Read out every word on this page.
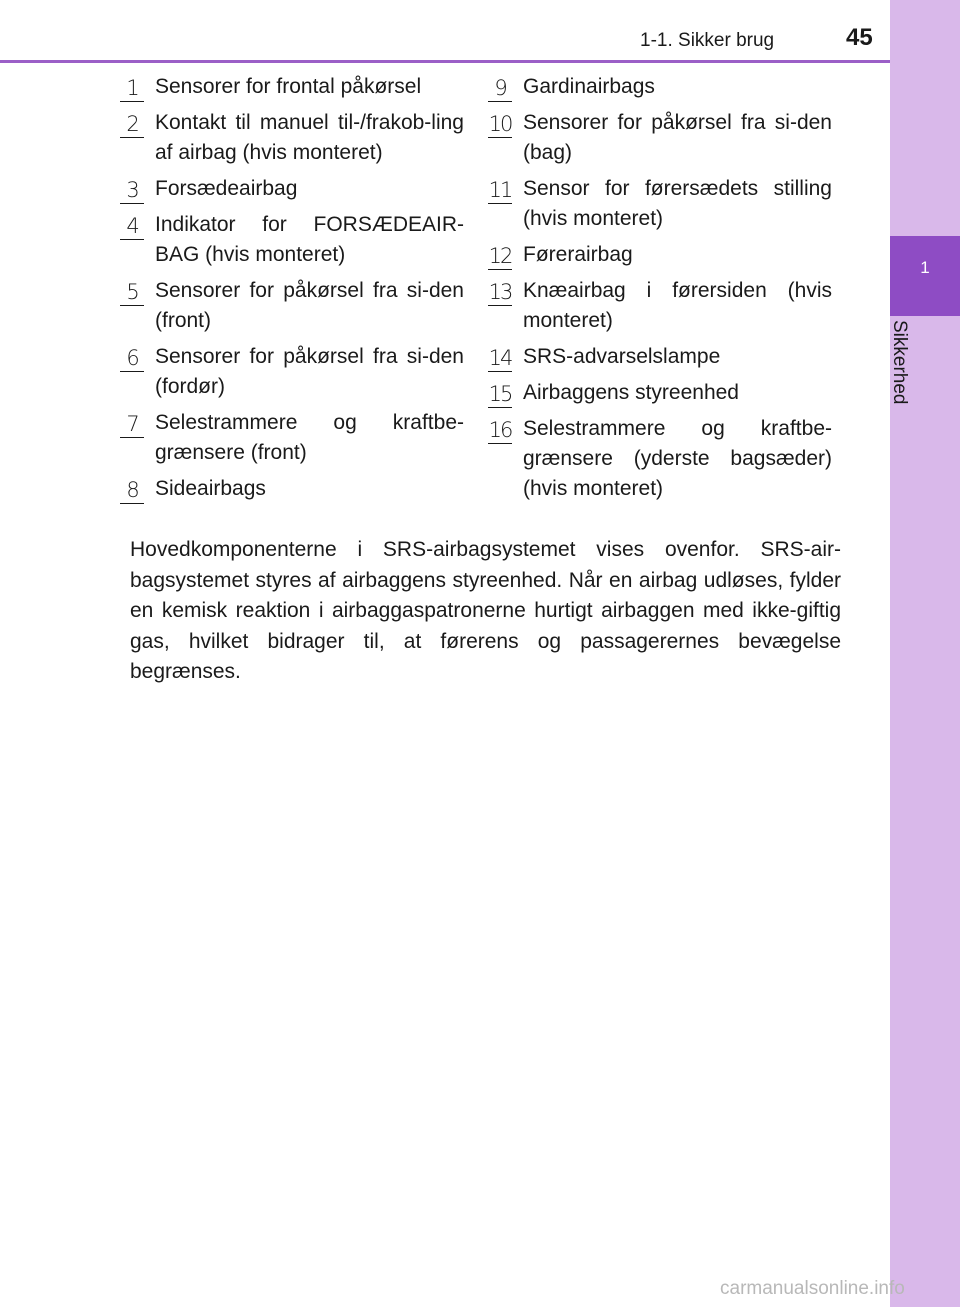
1-1. Sikker brug	45
1
Sikkerhed
1 Sensorer for frontal påkørsel
2 Kontakt til manuel til-/frakob-ling af airbag (hvis monteret)
3 Forsædeairbag
4 Indikator for FORSÆDEAIR-BAG (hvis monteret)
5 Sensorer for påkørsel fra si-den (front)
6 Sensorer for påkørsel fra si-den (fordør)
7 Selestrammere og kraftbe-grænsere (front)
8 Sideairbags
9 Gardinairbags
10 Sensorer for påkørsel fra si-den (bag)
11 Sensor for førersædets stilling (hvis monteret)
12 Førerairbag
13 Knæairbag i førersiden (hvis monteret)
14 SRS-advarselslampe
15 Airbaggens styreenhed
16 Selestrammere og kraftbe-grænsere (yderste bagsæder) (hvis monteret)

Hovedkomponenterne i SRS-airbagsystemet vises ovenfor. SRS-air-bagsystemet styres af airbaggens styreenhed. Når en airbag udløses, fylder en kemisk reaktion i airbaggaspatronerne hurtigt airbaggen med ikke-giftig gas, hvilket bidrager til, at førerens og passagerernes bevægelse begrænses.

carmanualsonline.info
